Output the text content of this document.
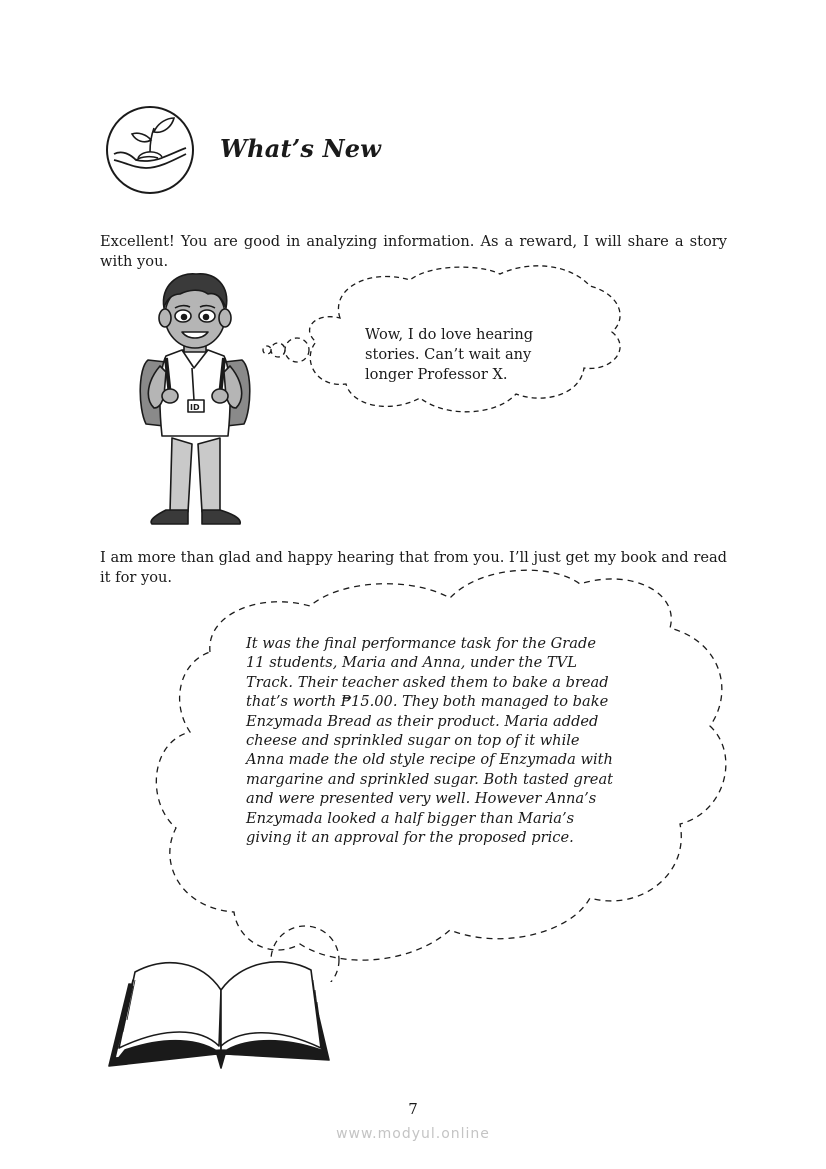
What’s New

Excellent! You are good in analyzing information. As a reward, I will share a story with you.

ID

Wow, I do love hearing stories. Can’t wait any longer Professor X.

I am more than glad and happy hearing that from you. I’ll just get my book and read it for you.

It was the final performance task for the Grade 11 students, Maria and Anna, under the TVL Track. Their teacher asked them to bake a bread that’s worth ₱15.00. They both managed to bake Enzymada Bread as their product. Maria added cheese and sprinkled sugar on top of it while Anna made the old style recipe of Enzymada with margarine and sprinkled sugar. Both tasted great and were presented very well. However Anna’s Enzymada looked a half bigger than Maria’s giving it an approval for the proposed price.

7

www.modyul.online
